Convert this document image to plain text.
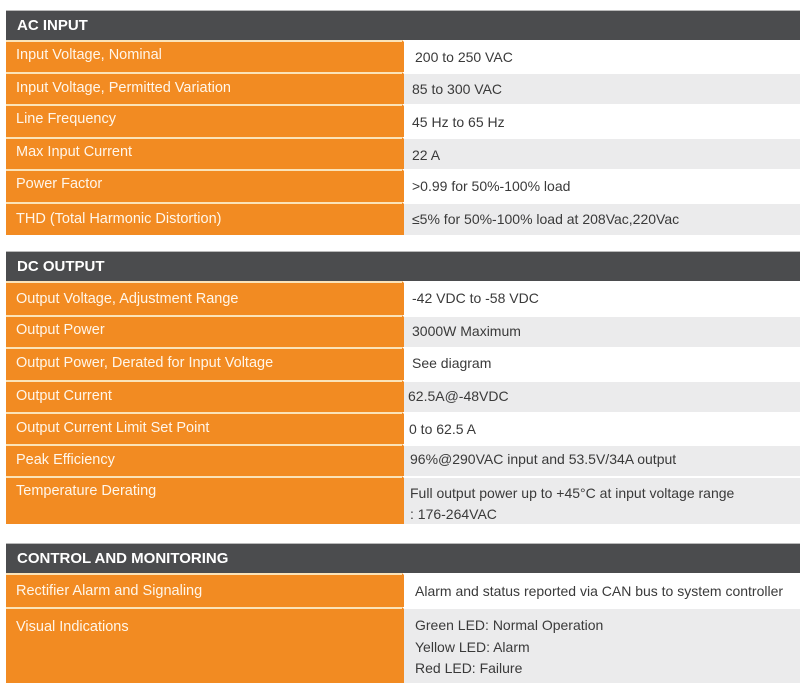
AC INPUT
Input Voltage, Nominal	200 to 250 VAC
Input Voltage, Permitted Variation	85 to 300 VAC
Line Frequency	45 Hz to 65 Hz
Max Input Current	22 A
Power Factor	>0.99 for 50%-100% load
THD (Total Harmonic Distortion)	≤5% for 50%-100% load at 208Vac,220Vac
DC OUTPUT
Output Voltage, Adjustment Range	-42 VDC to -58 VDC
Output Power	3000W Maximum
Output Power, Derated for Input Voltage	See diagram
Output Current	62.5A@-48VDC
Output Current Limit Set Point	0 to 62.5 A
Peak Efficiency	96%@290VAC input and 53.5V/34A output
Temperature Derating	Full output power up to +45°C at input voltage range
: 176-264VAC
CONTROL AND MONITORING
Rectifier Alarm and Signaling	Alarm and status reported via CAN bus to system controller
Visual Indications	Green LED: Normal Operation
Yellow LED: Alarm
Red LED: Failure
